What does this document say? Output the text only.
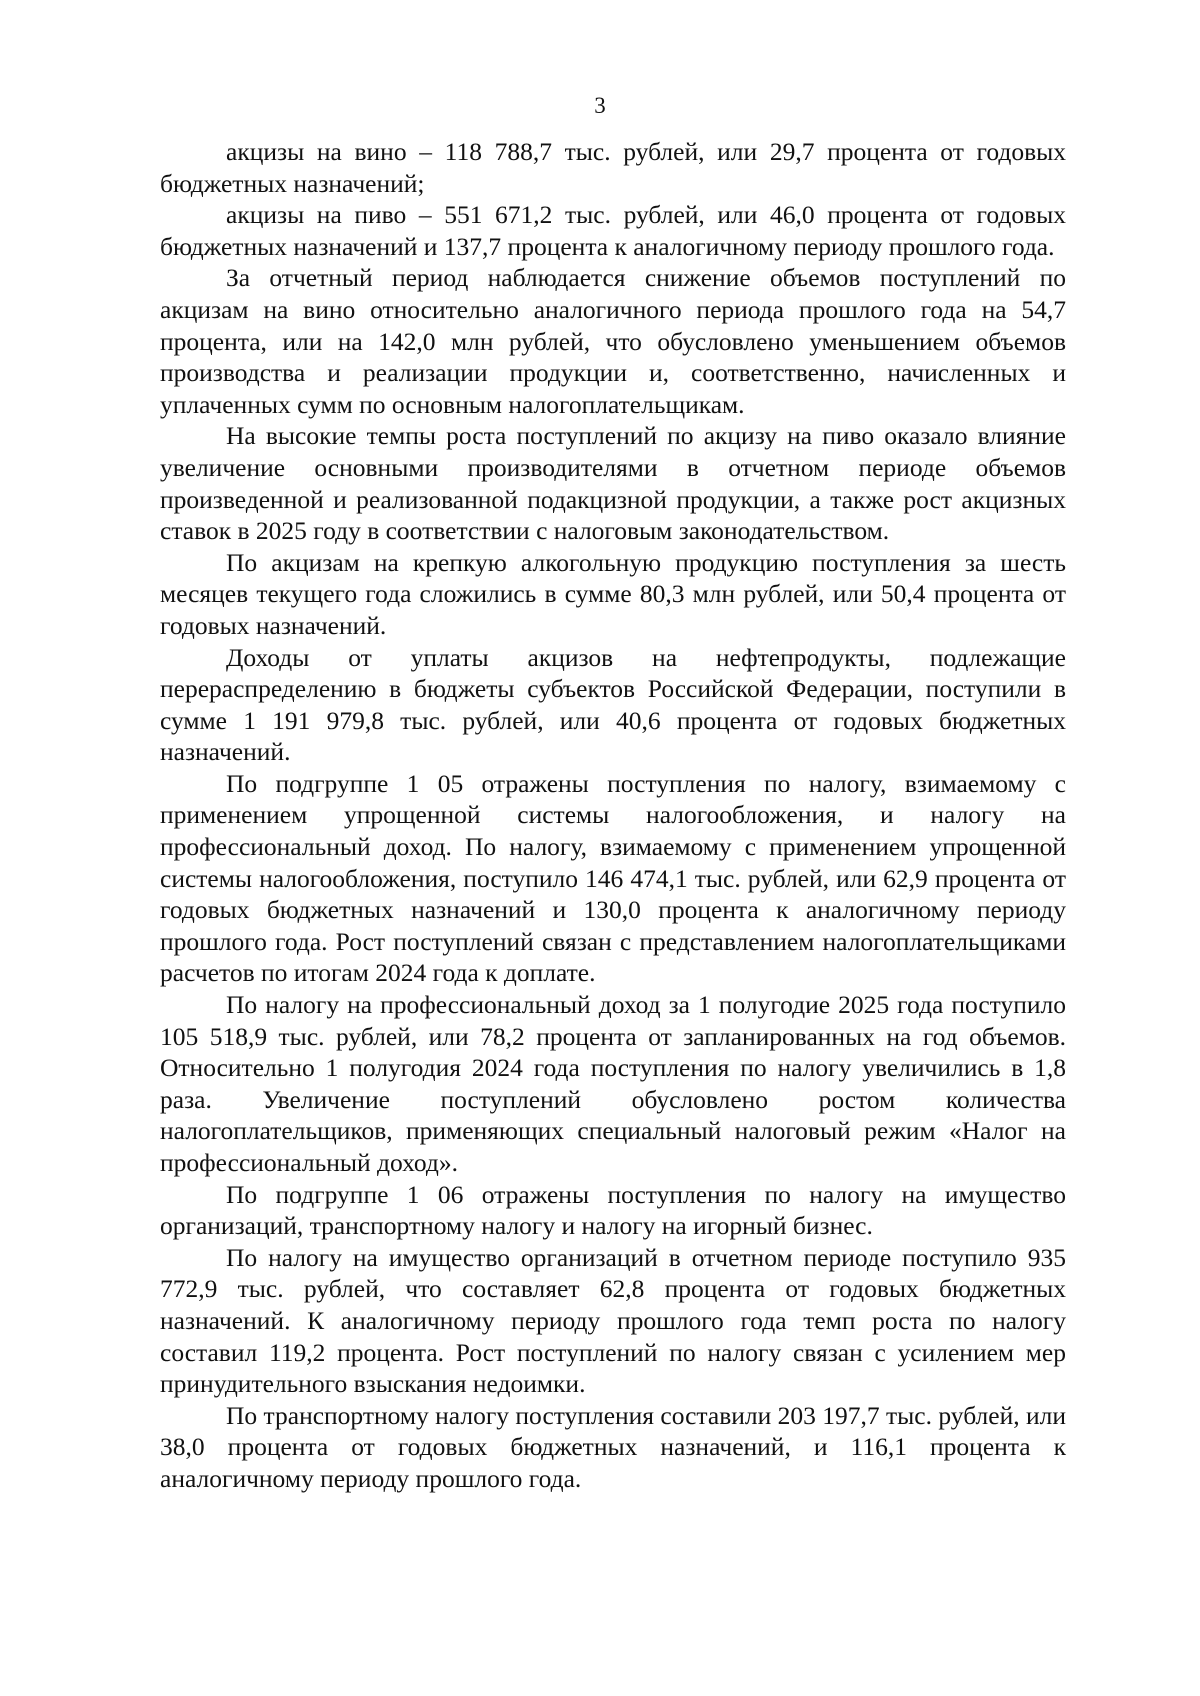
3

акцизы на вино – 118 788,7 тыс. рублей, или 29,7 процента от годовых бюджетных назначений;

акцизы на пиво – 551 671,2 тыс. рублей, или 46,0 процента от годовых бюджетных назначений и 137,7 процента к аналогичному периоду прошлого года.

За отчетный период наблюдается снижение объемов поступлений по акцизам на вино относительно аналогичного периода прошлого года на 54,7 процента, или на 142,0 млн рублей, что обусловлено уменьшением объемов производства и реализации продукции и, соответственно, начисленных и уплаченных сумм по основным налогоплательщикам.

На высокие темпы роста поступлений по акцизу на пиво оказало влияние увеличение основными производителями в отчетном периоде объемов произведенной и реализованной подакцизной продукции, а также рост акцизных ставок в 2025 году в соответствии с налоговым законодательством.

По акцизам на крепкую алкогольную продукцию поступления за шесть месяцев текущего года сложились в сумме 80,3 млн рублей, или 50,4 процента от годовых назначений.

Доходы от уплаты акцизов на нефтепродукты, подлежащие перераспределению в бюджеты субъектов Российской Федерации, поступили в сумме 1 191 979,8 тыс. рублей, или 40,6 процента от годовых бюджетных назначений.

По подгруппе 1 05 отражены поступления по налогу, взимаемому с применением упрощенной системы налогообложения, и налогу на профессиональный доход. По налогу, взимаемому с применением упрощенной системы налогообложения, поступило 146 474,1 тыс. рублей, или 62,9 процента от годовых бюджетных назначений и 130,0 процента к аналогичному периоду прошлого года. Рост поступлений связан с представлением налогоплательщиками расчетов по итогам 2024 года к доплате.

По налогу на профессиональный доход за 1 полугодие 2025 года поступило 105 518,9 тыс. рублей, или 78,2 процента от запланированных на год объемов. Относительно 1 полугодия 2024 года поступления по налогу увеличились в 1,8 раза. Увеличение поступлений обусловлено ростом количества налогоплательщиков, применяющих специальный налоговый режим «Налог на профессиональный доход».

По подгруппе 1 06 отражены поступления по налогу на имущество организаций, транспортному налогу и налогу на игорный бизнес.

По налогу на имущество организаций в отчетном периоде поступило 935 772,9 тыс. рублей, что составляет 62,8 процента от годовых бюджетных назначений. К аналогичному периоду прошлого года темп роста по налогу составил 119,2 процента. Рост поступлений по налогу связан с усилением мер принудительного взыскания недоимки.

По транспортному налогу поступления составили 203 197,7 тыс. рублей, или 38,0 процента от годовых бюджетных назначений, и 116,1 процента к аналогичному периоду прошлого года.
